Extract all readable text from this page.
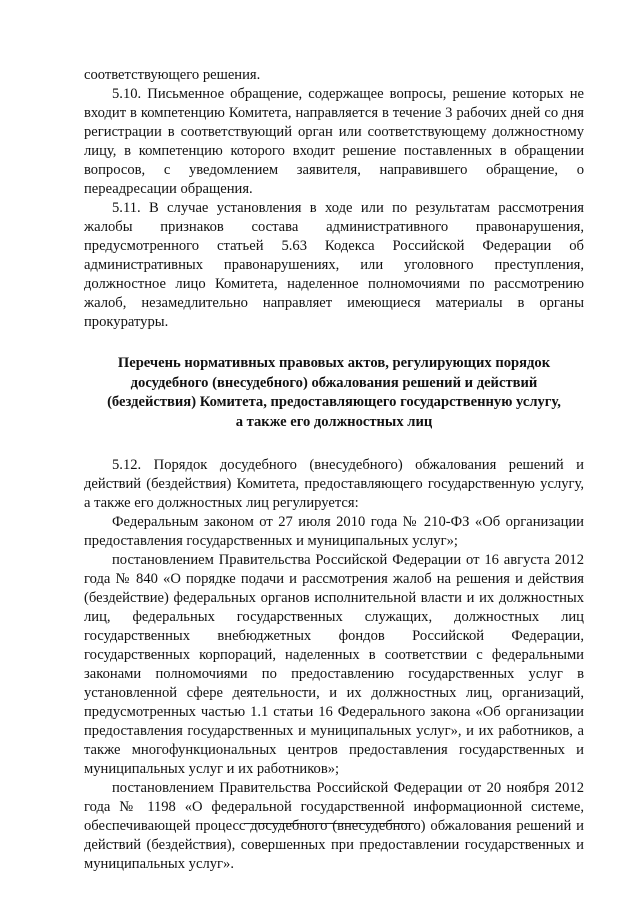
соответствующего решения.

5.10. Письменное обращение, содержащее вопросы, решение которых не входит в компетенцию Комитета, направляется в течение 3 рабочих дней со дня регистрации в соответствующий орган или соответствующему должностному лицу, в компетенцию которого входит решение поставленных в обращении вопросов, с уведомлением заявителя, направившего обращение, о переадресации обращения.

5.11. В случае установления в ходе или по результатам рассмотрения жалобы признаков состава административного правонарушения, предусмотренного статьей 5.63 Кодекса Российской Федерации об административных правонарушениях, или уголовного преступления, должностное лицо Комитета, наделенное полномочиями по рассмотрению жалоб, незамедлительно направляет имеющиеся материалы в органы прокуратуры.

Перечень нормативных правовых актов, регулирующих порядок
досудебного (внесудебного) обжалования решений и действий
(бездействия) Комитета, предоставляющего государственную услугу,
а также его должностных лиц

5.12. Порядок досудебного (внесудебного) обжалования решений и действий (бездействия) Комитета, предоставляющего государственную услугу, а также его должностных лиц регулируется:

Федеральным законом от 27 июля 2010 года № 210-ФЗ «Об организации предоставления государственных и муниципальных услуг»;

постановлением Правительства Российской Федерации от 16 августа 2012 года № 840 «О порядке подачи и рассмотрения жалоб на решения и действия (бездействие) федеральных органов исполнительной власти и их должностных лиц, федеральных государственных служащих, должностных лиц государственных внебюджетных фондов Российской Федерации, государственных корпораций, наделенных в соответствии с федеральными законами полномочиями по предоставлению государственных услуг в установленной сфере деятельности, и их должностных лиц, организаций, предусмотренных частью 1.1 статьи 16 Федерального закона «Об организации предоставления государственных и муниципальных услуг», и их работников, а также многофункциональных центров предоставления государственных и муниципальных услуг и их работников»;

постановлением Правительства Российской Федерации от 20 ноября 2012 года № 1198 «О федеральной государственной информационной системе, обеспечивающей процесс досудебного (внесудебного) обжалования решений и действий (бездействия), совершенных при предоставлении государственных и муниципальных услуг».
